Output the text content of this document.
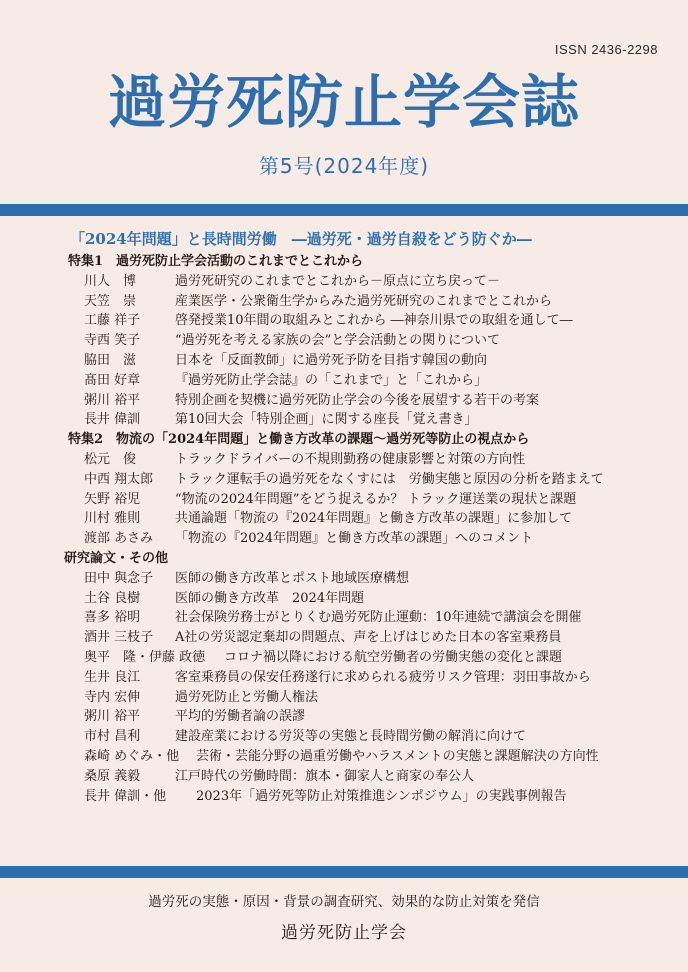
ISSN 2436-2298
過労死防止学会誌
第5号(2024年度)
「2024年問題」と長時間労働　―過労死・過労自殺をどう防ぐか―
特集1　過労死防止学会活動のこれまでとこれから
川人　博	過労死研究のこれまでとこれから－原点に立ち戻って－
天笠　崇	産業医学・公衆衛生学からみた過労死研究のこれまでとこれから
工藤 祥子	啓発授業10年間の取組みとこれから ―神奈川県での取組を通して―
寺西 笑子	“過労死を考える家族の会”と学会活動との関りについて
脇田　滋	日本を「反面教師」に過労死予防を目指す韓国の動向
髙田 好章	『過労死防止学会誌』の「これまで」と「これから」
粥川 裕平	特別企画を契機に過労死防止学会の今後を展望する若干の考案
長井 偉訓	第10回大会「特別企画」に関する座長「覚え書き」
特集2　物流の「2024年問題」と働き方改革の課題～過労死等防止の視点から
松元　俊	トラックドライバーの不規則勤務の健康影響と対策の方向性
中西 翔太郎	トラック運転手の過労死をなくすには　労働実態と原因の分析を踏まえて
矢野 裕児	“物流の2024年問題”をどう捉えるか？ トラック運送業の現状と課題
川村 雅則	共通論題「物流の『2024年問題』と働き方改革の課題」に参加して
渡部 あさみ	「物流の『2024年問題』と働き方改革の課題」へのコメント
研究論文・その他
田中 與念子	医師の働き方改革とポスト地域医療構想
土谷 良樹	医師の働き方改革　2024年問題
喜多 裕明	社会保険労務士がとりくむ過労死防止運動：10年連続で講演会を開催
酒井 三枝子	A社の労災認定棄却の問題点、声を上げはじめた日本の客室乗務員
奥平　隆・伊藤 政徳	コロナ禍以降における航空労働者の労働実態の変化と課題
生井 良江	客室乗務員の保安任務遂行に求められる疲労リスク管理：羽田事故から
寺内 宏伸	過労死防止と労働人権法
粥川 裕平	平均的労働者論の誤謬
市村 昌利	建設産業における労災等の実態と長時間労働の解消に向けて
森崎 めぐみ・他	芸術・芸能分野の過重労働やハラスメントの実態と課題解決の方向性
桑原 義毅	江戸時代の労働時間：旗本・御家人と商家の奉公人
長井 偉訓・他	2023年「過労死等防止対策推進シンポジウム」の実践事例報告
過労死の実態・原因・背景の調査研究、効果的な防止対策を発信
過労死防止学会
